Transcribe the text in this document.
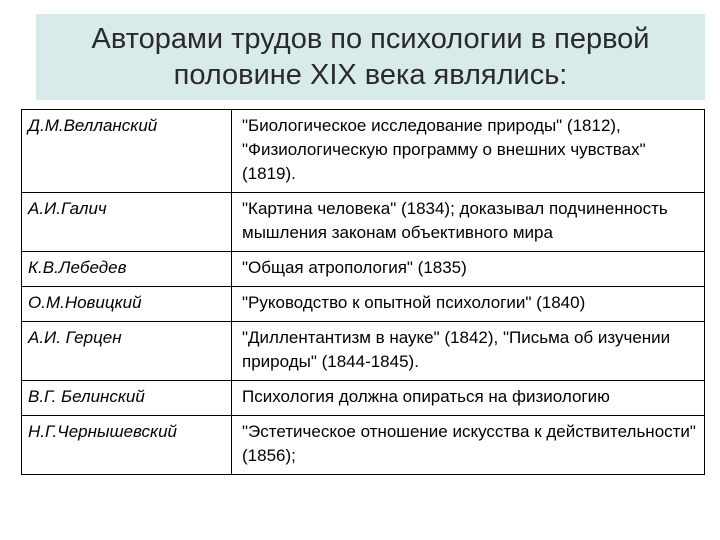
Авторами трудов по психологии в первой половине XIX века являлись:
Д.М.Велланский	"Биологическое исследование природы" (1812), "Физиологическую программу о внешних чувствах" (1819).
А.И.Галич	"Картина человека" (1834); доказывал подчиненность мышления законам объективного мира
К.В.Лебедев	"Общая атропология" (1835)
О.М.Новицкий	"Руководство к опытной психологии" (1840)
А.И. Герцен	"Диллентантизм в науке" (1842), "Письма об изучении природы" (1844-1845).
В.Г. Белинский	Психология должна опираться на физиологию
Н.Г.Чернышевский	"Эстетическое отношение искусства к действительности" (1856);
